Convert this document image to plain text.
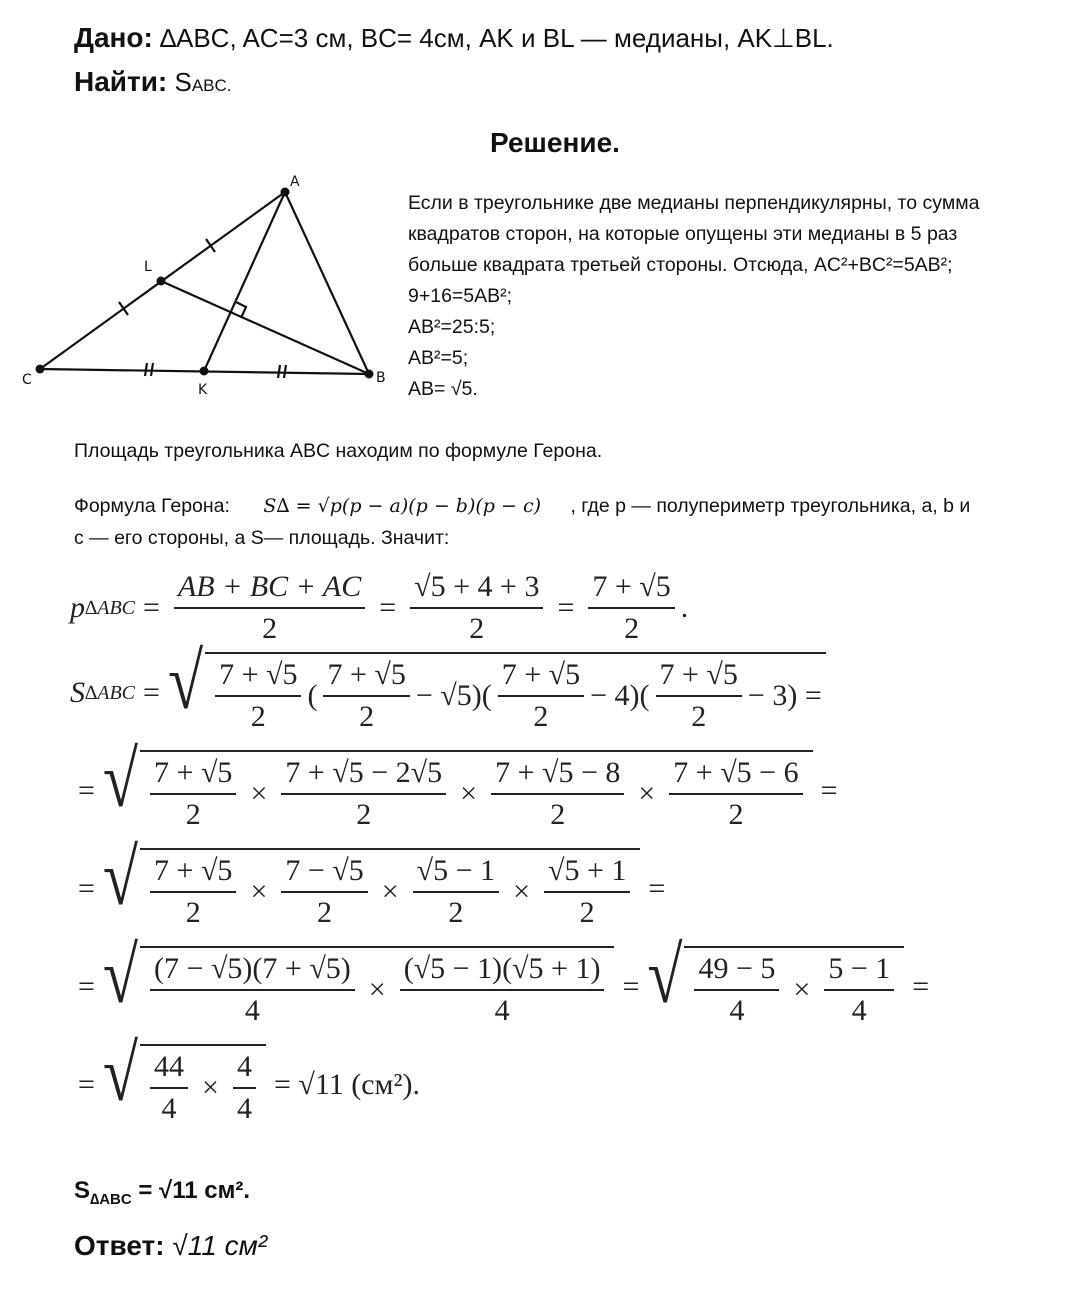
Дано: ∆ABC, AC=3 см, BC= 4см, AK и BL — медианы, AK⊥BL.
Найти: SABC.
Решение.
A
L
C
K
B
Если в треугольнике две медианы перпендикулярны, то сумма
квадратов сторон, на которые опущены эти медианы в 5 раз
больше квадрата третьей стороны. Отсюда, AC²+BC²=5AB²;
9+16=5AB²;
AB²=25:5;
AB²=5;
AB= √5.
Площадь треугольника ABC находим по формуле Герона.
Формула Герона: S∆ = √p(p − a)(p − b)(p − c) , где p — полупериметр треугольника, a, b и
c — его стороны, а S— площадь. Значит:
p $\Delta ABC = \frac{AB + BC + AC}{2} = \frac{√5 + 4 + 3}{2} = \frac{7 + √5}{2}$ .
S ∆ABC = √ $\frac{7 + √5}{2}$ ( $\frac{7 + √5}{2} - √5)( \frac{7 + √5}{2} - 4)( \frac{7 + √5}{2} - 3)$ =
= √ $\frac{7 + √5}{2} \times \frac{7 + √5 - 2√5}{2} \times \frac{7 + √5 - 8}{2} \times \frac{7 + √5 - 6}{2}$ =
= √ $\frac{7 + √5}{2} \times \frac{7 - √5}{2} \times \frac{√5 - 1}{2} \times \frac{√5 + 1}{2}$ =
= √ $\frac{(7 - √5)(7 + √5)}{4} \times \frac{(√5 - 1)(√5 + 1)}{4}$ = √ $\frac{49 - 5}{4} \times \frac{5 - 1}{4}$ =
= √ $\frac{44}{4} \times \frac{4}{4} = √11$ (см²).
$S_{\Delta ABC} = √11$ см².
Ответ: √11 см²
